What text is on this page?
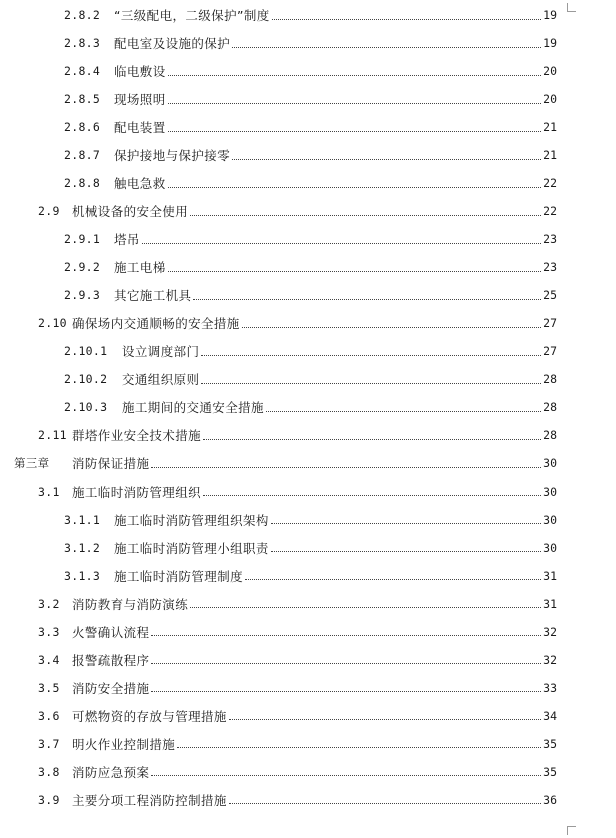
2.8.2	“三级配电，二级保护”制度	19
2.8.3	配电室及设施的保护	19
2.8.4	临电敷设	20
2.8.5	现场照明	20
2.8.6	配电装置	21
2.8.7	保护接地与保护接零	21
2.8.8	触电急救	22
2.9 机械设备的安全使用	22
2.9.1	塔吊	23
2.9.2	施工电梯	23
2.9.3	其它施工机具	25
2.10 确保场内交通顺畅的安全措施	27
2.10.1	设立调度部门	27
2.10.2	交通组织原则	28
2.10.3	施工期间的交通安全措施	28
2.11 群塔作业安全技术措施	28
第三章	消防保证措施	30
3.1 施工临时消防管理组织	30
3.1.1	施工临时消防管理组织架构	30
3.1.2	施工临时消防管理小组职责	30
3.1.3	施工临时消防管理制度	31
3.2 消防教育与消防演练	31
3.3 火警确认流程	32
3.4 报警疏散程序	32
3.5 消防安全措施	33
3.6 可燃物资的存放与管理措施	34
3.7 明火作业控制措施	35
3.8 消防应急预案	35
3.9 主要分项工程消防控制措施	36
